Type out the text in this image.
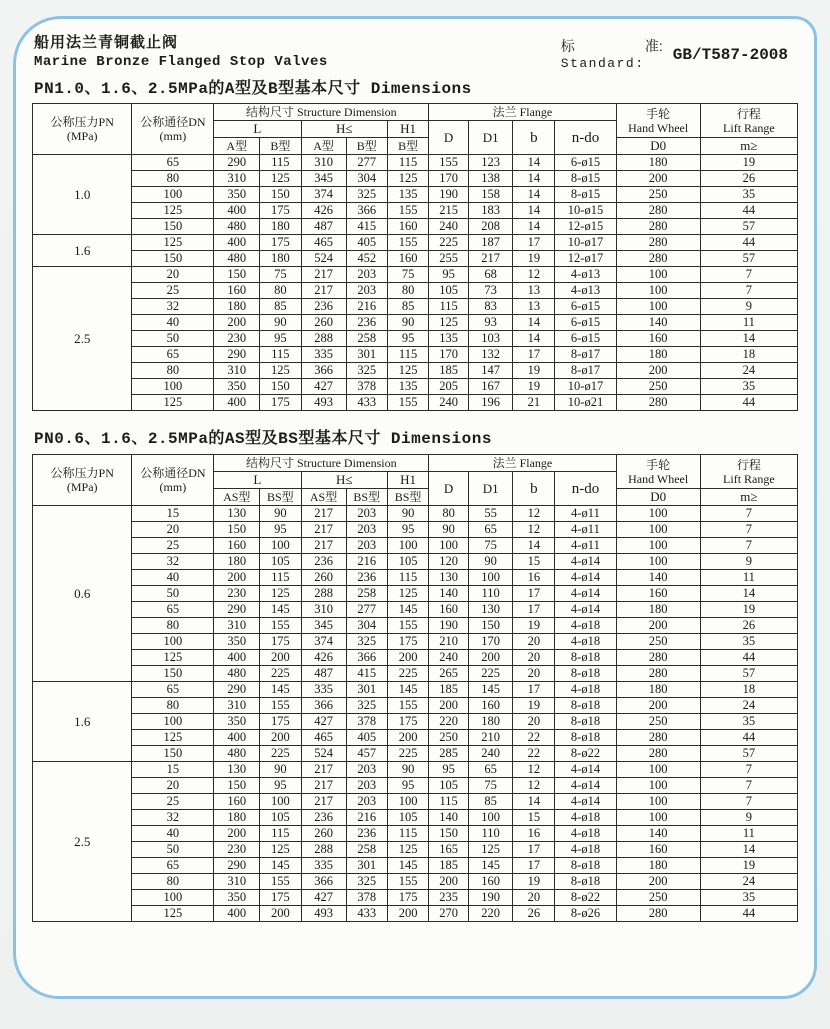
船用法兰青铜截止阀
Marine Bronze Flanged Stop Valves
标	准:
Standard:	GB/T587-2008
PN1.0、1.6、2.5MPa的A型及B型基本尺寸 Dimensions
公称压力PN
(MPa)

公称通径DN
(mm)
	结构尺寸 Structure Dimension	法兰 Flange	手轮
Hand Wheel

行程
Lift Range

		L		H≤		H1	D	D1	b	n-do		
		A型	B型	A型	B型	B型					D0	m≥
1.0	65	290	115	310	277	115	155	123	14	6-ø15	180	19
	80	310	125	345	304	125	170	138	14	8-ø15	200	26
	100	350	150	374	325	135	190	158	14	8-ø15	250	35
	125	400	175	426	366	155	215	183	14	10-ø15	280	44
	150	480	180	487	415	160	240	208	14	12-ø15	280	57
1.6	125	400	175	465	405	155	225	187	17	10-ø17	280	44
	150	480	180	524	452	160	255	217	19	12-ø17	280	57
2.5	20	150	75	217	203	75	95	68	12	4-ø13	100	7
	25	160	80	217	203	80	105	73	13	4-ø13	100	7
	32	180	85	236	216	85	115	83	13	6-ø15	100	9
	40	200	90	260	236	90	125	93	14	6-ø15	140	11
	50	230	95	288	258	95	135	103	14	6-ø15	160	14
	65	290	115	335	301	115	170	132	17	8-ø17	180	18
	80	310	125	366	325	125	185	147	19	8-ø17	200	24
	100	350	150	427	378	135	205	167	19	10-ø17	250	35
	125	400	175	493	433	155	240	196	21	10-ø21	280	44
PN0.6、1.6、2.5MPa的AS型及BS型基本尺寸 Dimensions
公称压力PN
(MPa)

公称通径DN
(mm)
	结构尺寸 Structure Dimension	法兰 Flange	手轮
Hand Wheel

行程
Lift Range

		L		H≤		H1	D	D1	b	n-do		
		AS型	BS型	AS型	BS型	BS型					D0	m≥
0.6	15	130	90	217	203	90	80	55	12	4-ø11	100	7
	20	150	95	217	203	95	90	65	12	4-ø11	100	7
	25	160	100	217	203	100	100	75	14	4-ø11	100	7
	32	180	105	236	216	105	120	90	15	4-ø14	100	9
	40	200	115	260	236	115	130	100	16	4-ø14	140	11
	50	230	125	288	258	125	140	110	17	4-ø14	160	14
	65	290	145	310	277	145	160	130	17	4-ø14	180	19
	80	310	155	345	304	155	190	150	19	4-ø18	200	26
	100	350	175	374	325	175	210	170	20	4-ø18	250	35
	125	400	200	426	366	200	240	200	20	8-ø18	280	44
	150	480	225	487	415	225	265	225	20	8-ø18	280	57
1.6	65	290	145	335	301	145	185	145	17	4-ø18	180	18
	80	310	155	366	325	155	200	160	19	8-ø18	200	24
	100	350	175	427	378	175	220	180	20	8-ø18	250	35
	125	400	200	465	405	200	250	210	22	8-ø18	280	44
	150	480	225	524	457	225	285	240	22	8-ø22	280	57
2.5	15	130	90	217	203	90	95	65	12	4-ø14	100	7
	20	150	95	217	203	95	105	75	12	4-ø14	100	7
	25	160	100	217	203	100	115	85	14	4-ø14	100	7
	32	180	105	236	216	105	140	100	15	4-ø18	100	9
	40	200	115	260	236	115	150	110	16	4-ø18	140	11
	50	230	125	288	258	125	165	125	17	4-ø18	160	14
	65	290	145	335	301	145	185	145	17	8-ø18	180	19
	80	310	155	366	325	155	200	160	19	8-ø18	200	24
	100	350	175	427	378	175	235	190	20	8-ø22	250	35
	125	400	200	493	433	200	270	220	26	8-ø26	280	44
